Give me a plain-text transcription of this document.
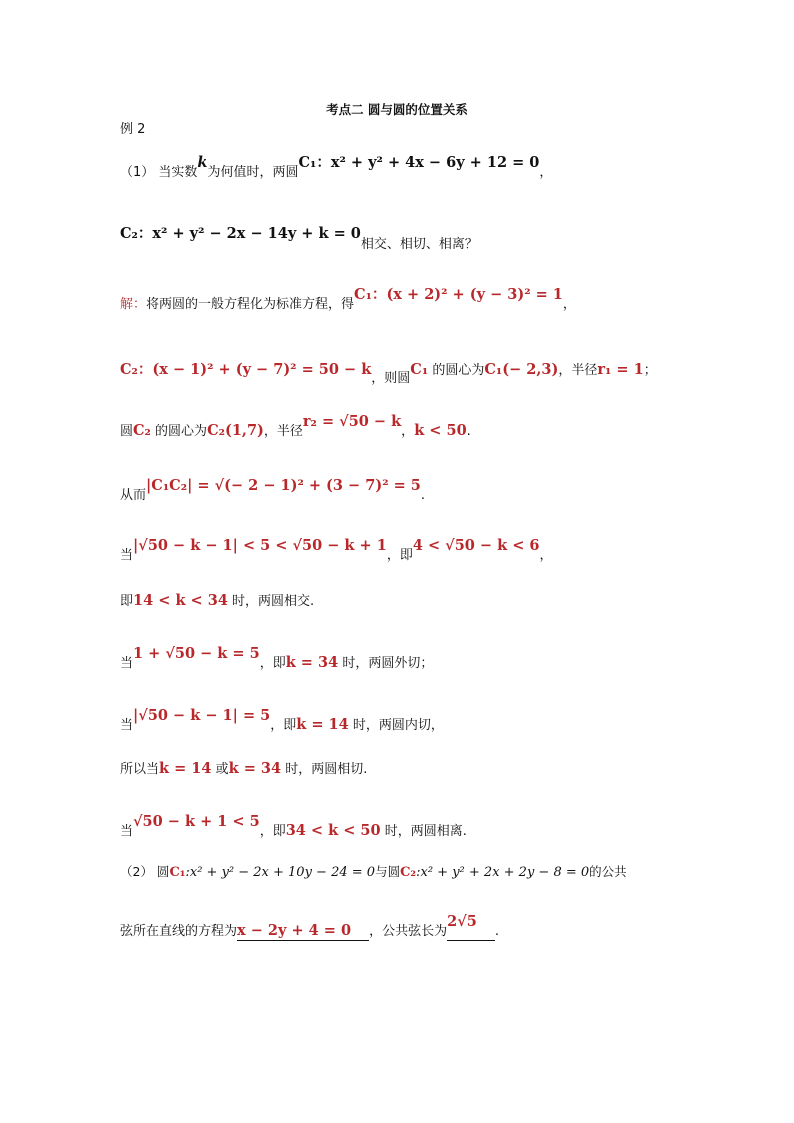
考点二 圆与圆的位置关系
例 2
（1） 当实数k为何值时，两圆C₁：x² + y² + 4x − 6y + 12 = 0，
C₂：x² + y² − 2x − 14y + k = 0相交、相切、相离？
解：将两圆的一般方程化为标准方程，得C₁：(x + 2)² + (y − 3)² = 1，
C₂：(x − 1)² + (y − 7)² = 50 − k，则圆C₁ 的圆心为C₁(− 2,3)，半径r₁ = 1；
圆C₂ 的圆心为C₂(1,7)，半径r₂ = √50 − k，k < 50.
从而|C₁C₂| = √(− 2 − 1)² + (3 − 7)² = 5.
当|√50 − k − 1| < 5 < √50 − k + 1，即4 < √50 − k < 6，
即14 < k < 34 时，两圆相交.
当1 + √50 − k = 5，即k = 34 时，两圆外切；
当|√50 − k − 1| = 5，即k = 14 时，两圆内切，
所以当k = 14 或k = 34 时，两圆相切.
当√50 − k + 1 < 5，即34 < k < 50 时，两圆相离.
（2） 圆C₁:x² + y² − 2x + 10y − 24 = 0与圆C₂:x² + y² + 2x + 2y − 8 = 0的公共
弦所在直线的方程为x − 2y + 4 = 0 ，公共弦长为2√5.
